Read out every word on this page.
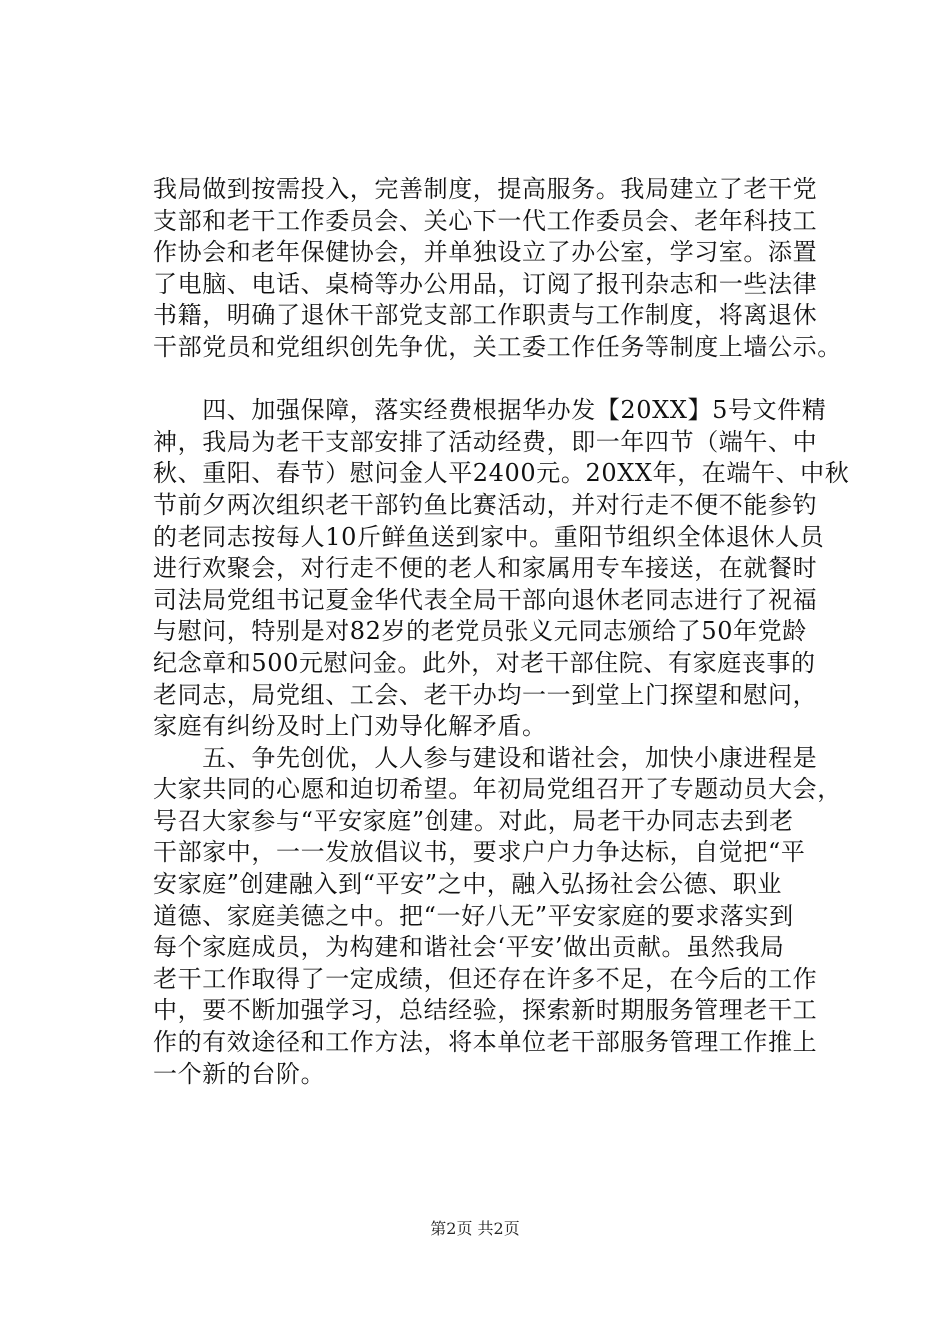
我局做到按需投入，完善制度，提高服务。我局建立了老干党
支部和老干工作委员会、关心下一代工作委员会、老年科技工
作协会和老年保健协会，并单独设立了办公室，学习室。添置
了电脑、电话、桌椅等办公用品，订阅了报刊杂志和一些法律
书籍，明确了退休干部党支部工作职责与工作制度，将离退休
干部党员和党组织创先争优，关工委工作任务等制度上墙公示。
　　四、加强保障，落实经费根据华办发【20XX】5号文件精
神，我局为老干支部安排了活动经费，即一年四节（端午、中
秋、重阳、春节）慰问金人平2400元。20XX年，在端午、中秋
节前夕两次组织老干部钓鱼比赛活动，并对行走不便不能参钓
的老同志按每人10斤鲜鱼送到家中。重阳节组织全体退休人员
进行欢聚会，对行走不便的老人和家属用专车接送，在就餐时
司法局党组书记夏金华代表全局干部向退休老同志进行了祝福
与慰问，特别是对82岁的老党员张义元同志颁给了50年党龄
纪念章和500元慰问金。此外，对老干部住院、有家庭丧事的
老同志，局党组、工会、老干办均一一到堂上门探望和慰问，
家庭有纠纷及时上门劝导化解矛盾。
　　五、争先创优，人人参与建设和谐社会，加快小康进程是
大家共同的心愿和迫切希望。年初局党组召开了专题动员大会，
号召大家参与“平安家庭”创建。对此，局老干办同志去到老
干部家中，一一发放倡议书，要求户户力争达标，自觉把“平
安家庭”创建融入到“平安”之中，融入弘扬社会公德、职业
道德、家庭美德之中。把“一好八无”平安家庭的要求落实到
每个家庭成员，为构建和谐社会‘平安’做出贡献。虽然我局
老干工作取得了一定成绩，但还存在许多不足，在今后的工作
中，要不断加强学习，总结经验，探索新时期服务管理老干工
作的有效途径和工作方法，将本单位老干部服务管理工作推上
一个新的台阶。
第2页 共2页
